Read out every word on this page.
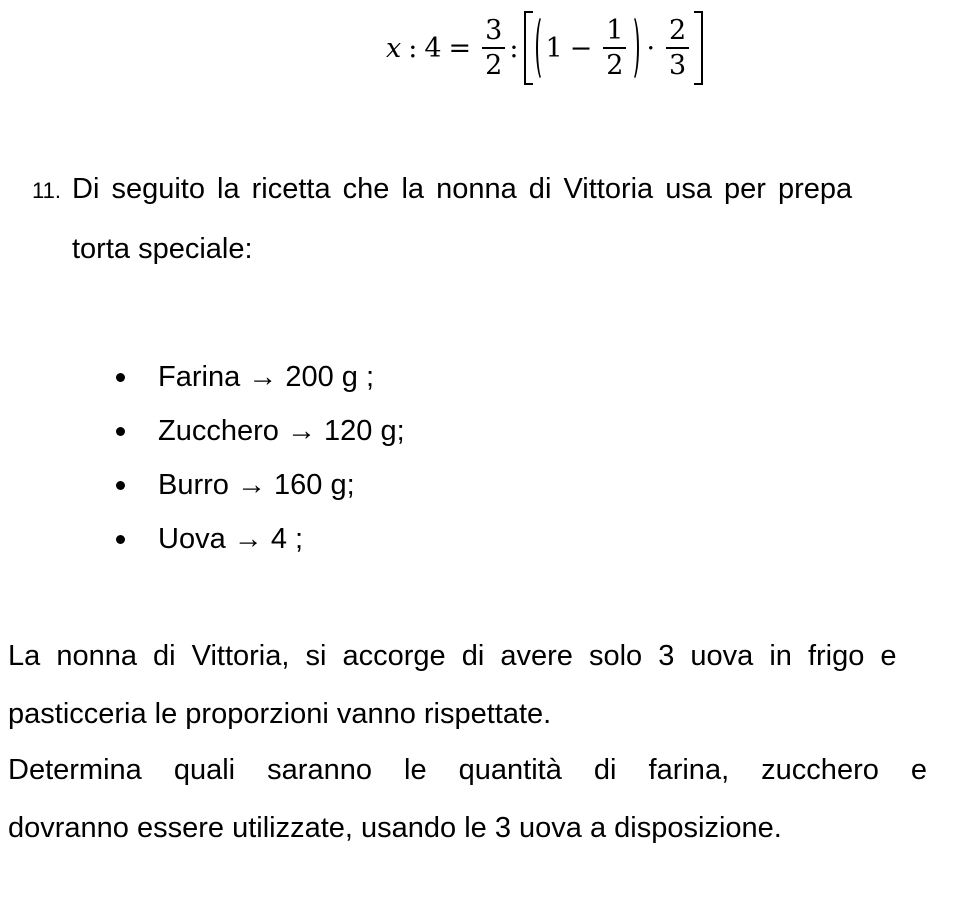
x : $4 = \frac{3}{2}$ : $1 - \frac{1}{2} \cdot \frac{2}{3}$
11. Di seguito la ricetta che la nonna di Vittoria usa per prepa
torta speciale:
Farina → 200 g ;
Zucchero → 120 g;
Burro → 160 g;
Uova → 4 ;
La nonna di Vittoria, si accorge di avere solo 3 uova in frigo e
pasticceria le proporzioni vanno rispettate.
Determina quali saranno le quantità di farina, zucchero e
dovranno essere utilizzate, usando le 3 uova a disposizione.
